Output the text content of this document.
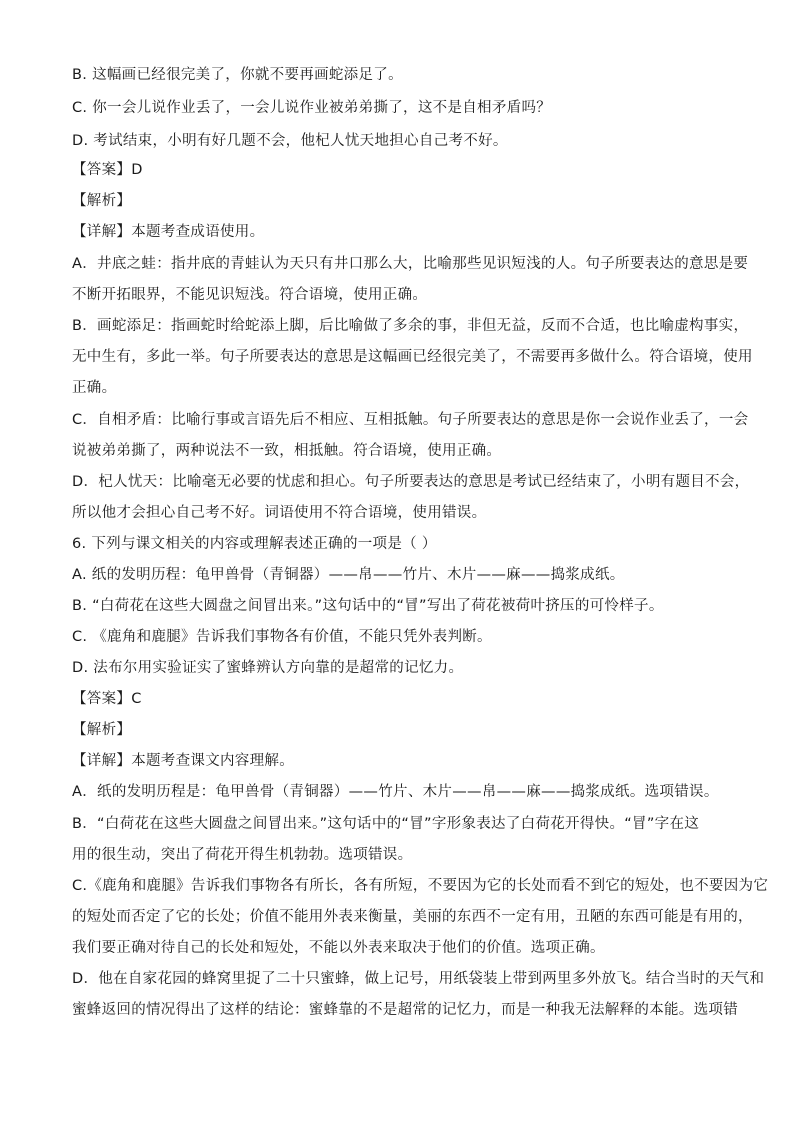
B. 这幅画已经很完美了，你就不要再画蛇添足了。
C. 你一会儿说作业丢了，一会儿说作业被弟弟撕了，这不是自相矛盾吗？
D. 考试结束，小明有好几题不会，他杞人忧天地担心自己考不好。
【答案】D
【解析】
【详解】本题考查成语使用。
A．井底之蛙：指井底的青蛙认为天只有井口那么大，比喻那些见识短浅的人。句子所要表达的意思是要
不断开拓眼界，不能见识短浅。符合语境，使用正确。
B．画蛇添足：指画蛇时给蛇添上脚，后比喻做了多余的事，非但无益，反而不合适，也比喻虚构事实，
无中生有，多此一举。句子所要表达的意思是这幅画已经很完美了，不需要再多做什么。符合语境，使用
正确。
C．自相矛盾：比喻行事或言语先后不相应、互相抵触。句子所要表达的意思是你一会说作业丢了，一会
说被弟弟撕了，两种说法不一致，相抵触。符合语境，使用正确。
D．杞人忧天：比喻毫无必要的忧虑和担心。句子所要表达的意思是考试已经结束了，小明有题目不会，
所以他才会担心自己考不好。词语使用不符合语境，使用错误。
6. 下列与课文相关的内容或理解表述正确的一项是（ ）
A. 纸的发明历程：龟甲兽骨（青铜器）——帛——竹片、木片——麻——捣浆成纸。
B. “白荷花在这些大圆盘之间冒出来。”这句话中的“冒”写出了荷花被荷叶挤压的可怜样子。
C. 《鹿角和鹿腿》告诉我们事物各有价值，不能只凭外表判断。
D. 法布尔用实验证实了蜜蜂辨认方向靠的是超常的记忆力。
【答案】C
【解析】
【详解】本题考查课文内容理解。
A．纸的发明历程是：龟甲兽骨（青铜器）——竹片、木片——帛——麻——捣浆成纸。选项错误。
B．“白荷花在这些大圆盘之间冒出来。”这句话中的“冒”字形象表达了白荷花开得快。“冒”字在这
用的很生动，突出了荷花开得生机勃勃。选项错误。
C.《鹿角和鹿腿》告诉我们事物各有所长，各有所短，不要因为它的长处而看不到它的短处，也不要因为它
的短处而否定了它的长处；价值不能用外表来衡量，美丽的东西不一定有用，丑陋的东西可能是有用的，
我们要正确对待自己的长处和短处，不能以外表来取决于他们的价值。选项正确。
D．他在自家花园的蜂窝里捉了二十只蜜蜂，做上记号，用纸袋装上带到两里多外放飞。结合当时的天气和
蜜蜂返回的情况得出了这样的结论：蜜蜂靠的不是超常的记忆力，而是一种我无法解释的本能。选项错
